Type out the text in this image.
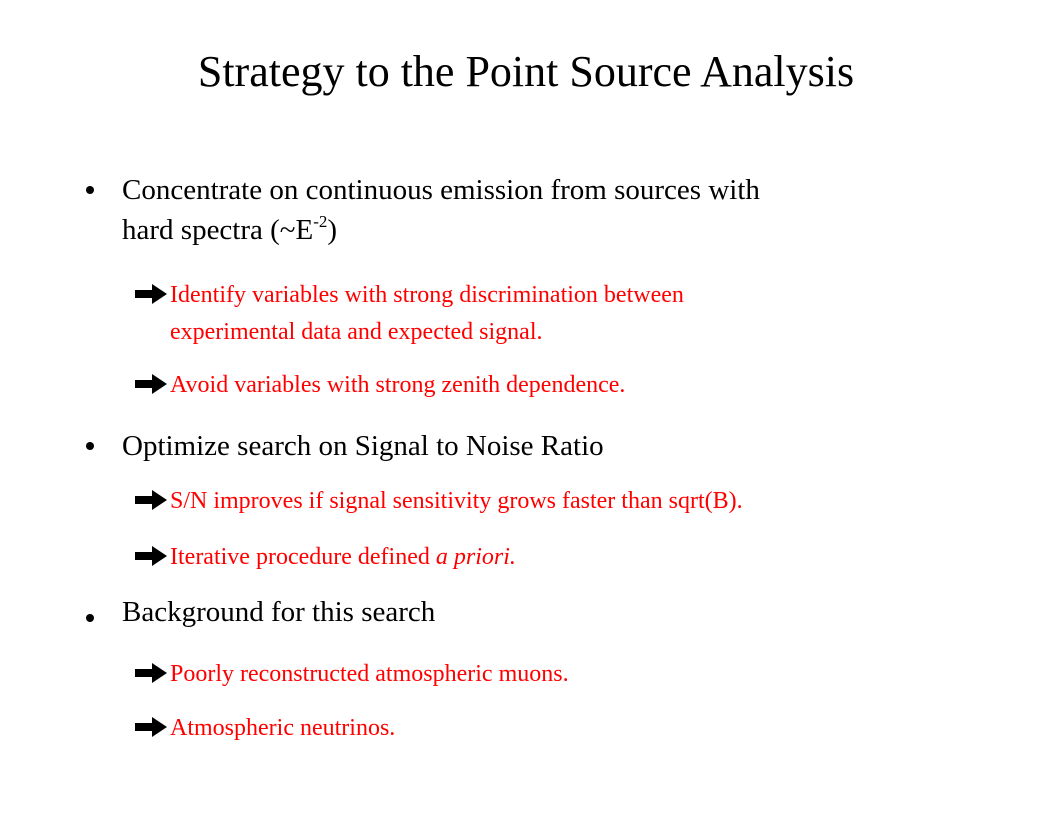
Strategy to the Point Source Analysis
Concentrate on continuous emission from sources with
hard spectra $(\sim E^{-2})$
Identify variables with strong discrimination between
experimental data and expected signal.
Avoid variables with strong zenith dependence.
Optimize search on Signal to Noise Ratio
S/N improves if signal sensitivity grows faster than sqrt(B).
Iterative procedure defined a priori.
Background for this search
Poorly reconstructed atmospheric muons.
Atmospheric neutrinos.
